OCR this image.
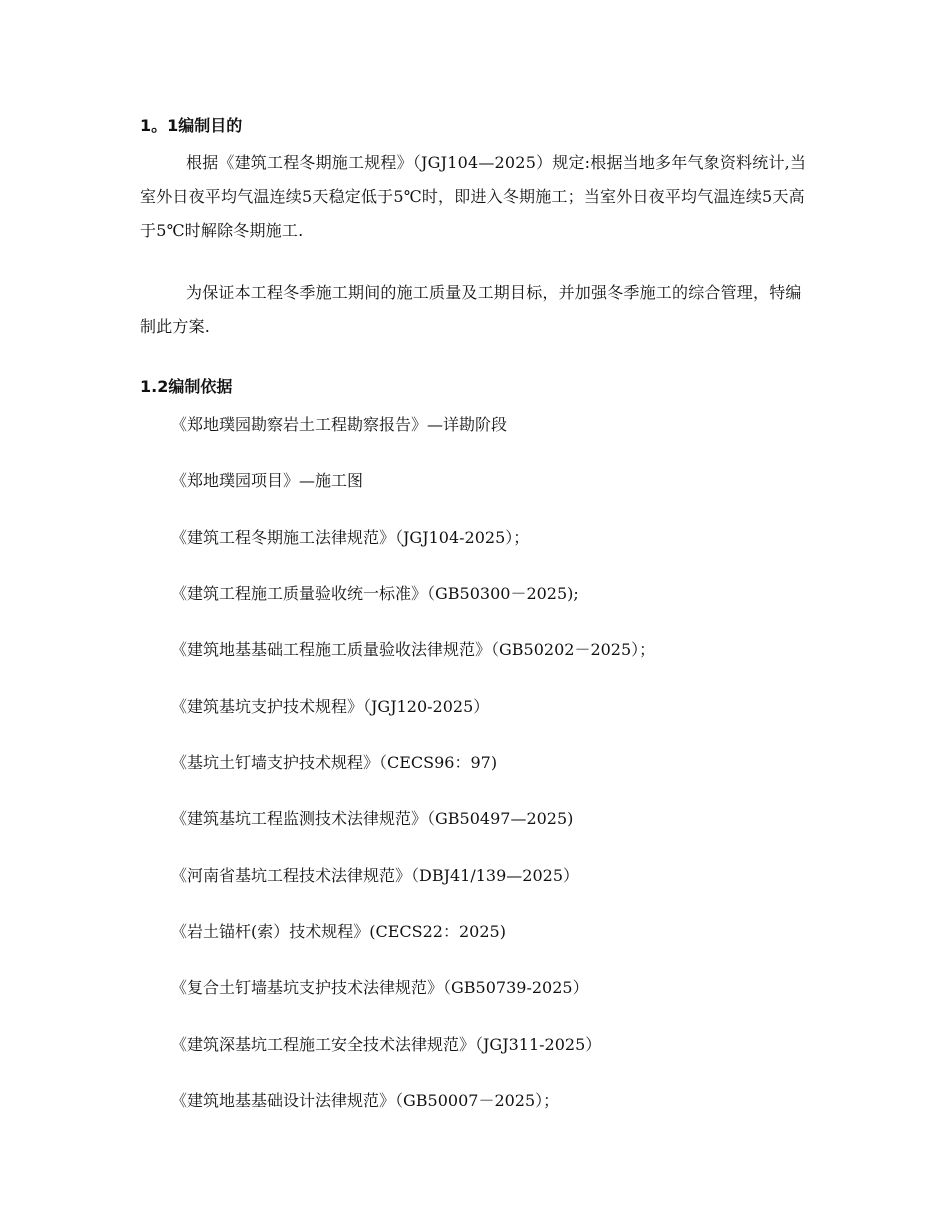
1。1编制目的

根据《建筑工程冬期施工规程》（JGJ104—2025）规定:根据当地多年气象资料统计,当室外日夜平均气温连续5天稳定低于5℃时，即进入冬期施工；当室外日夜平均气温连续5天高于5℃时解除冬期施工.

为保证本工程冬季施工期间的施工质量及工期目标，并加强冬季施工的综合管理，特编制此方案.

1.2编制依据

《郑地璞园勘察岩土工程勘察报告》—详勘阶段

《郑地璞园项目》—施工图

《建筑工程冬期施工法律规范》（JGJ104-2025）；

《建筑工程施工质量验收统一标准》（GB50300－2025);

《建筑地基基础工程施工质量验收法律规范》（GB50202－2025）；

《建筑基坑支护技术规程》（JGJ120-2025）

《基坑土钉墙支护技术规程》（CECS96：97)

《建筑基坑工程监测技术法律规范》（GB50497—2025)

《河南省基坑工程技术法律规范》（DBJ41/139—2025）

《岩土锚杆(索）技术规程》(CECS22：2025)

《复合土钉墙基坑支护技术法律规范》（GB50739-2025）

《建筑深基坑工程施工安全技术法律规范》（JGJ311-2025）

《建筑地基基础设计法律规范》（GB50007－2025）；
